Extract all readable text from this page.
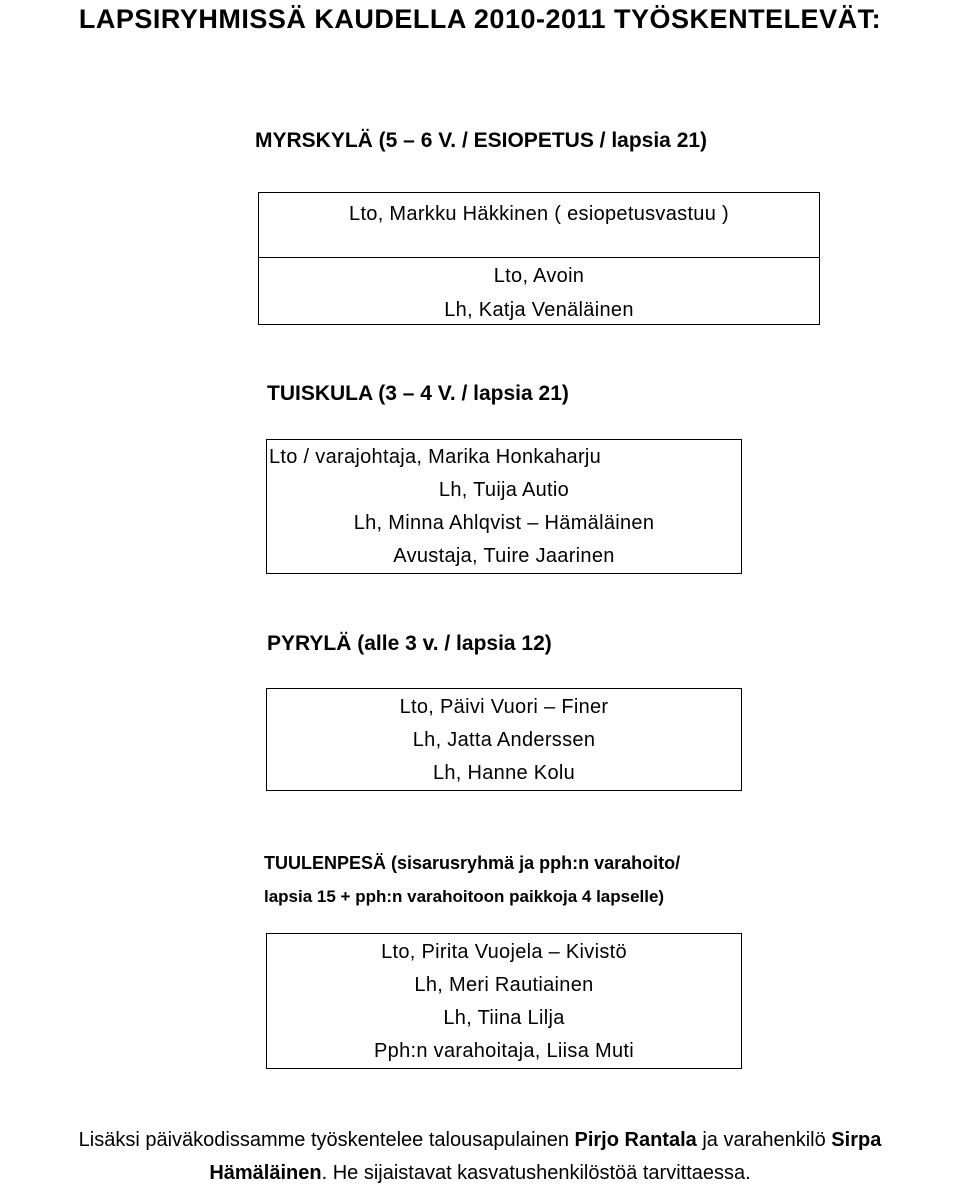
LAPSIRYHMISSÄ KAUDELLA 2010-2011 TYÖSKENTELEVÄT:
MYRSKYLÄ (5 – 6 V. / ESIOPETUS / lapsia 21)
Lto, Markku Häkkinen ( esiopetusvastuu )
Lto, Avoin
Lh, Katja Venäläinen
TUISKULA (3 – 4 V. / lapsia 21)
Lto / varajohtaja, Marika Honkaharju
Lh, Tuija Autio
Lh, Minna Ahlqvist – Hämäläinen
Avustaja, Tuire Jaarinen
PYRYLÄ (alle 3 v. / lapsia 12)
Lto, Päivi Vuori – Finer
Lh, Jatta Anderssen
Lh, Hanne Kolu
TUULENPESÄ (sisarusryhmä ja pph:n varahoito/
lapsia 15 + pph:n varahoitoon paikkoja 4 lapselle)
Lto, Pirita Vuojela – Kivistö
Lh, Meri Rautiainen
Lh, Tiina Lilja
Pph:n varahoitaja, Liisa Muti
Lisäksi päiväkodissamme työskentelee talousapulainen Pirjo Rantala ja varahenkilö Sirpa
Hämäläinen. He sijaistavat kasvatushenkilöstöä tarvittaessa.
